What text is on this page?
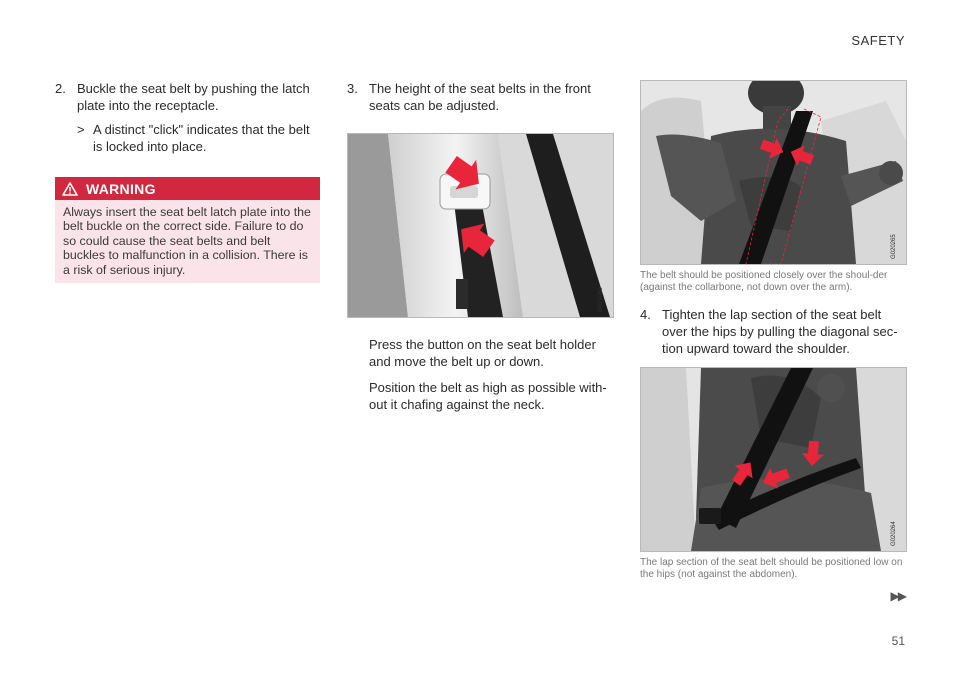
SAFETY
2. Buckle the seat belt by pushing the latch plate into the receptacle.
> A distinct "click" indicates that the belt is locked into place.
WARNING
Always insert the seat belt latch plate into the belt buckle on the correct side. Failure to do so could cause the seat belts and belt buckles to malfunction in a collision. There is a risk of serious injury.
3. The height of the seat belts in the front seats can be adjusted.
G021060
Press the button on the seat belt holder and move the belt up or down.
Position the belt as high as possible with-out it chafing against the neck.
G020265
The belt should be positioned closely over the shoul-der (against the collarbone, not down over the arm).
4. Tighten the lap section of the seat belt over the hips by pulling the diagonal sec-tion upward toward the shoulder.
G020264
The lap section of the seat belt should be positioned low on the hips (not against the abdomen).
▶▶
51
